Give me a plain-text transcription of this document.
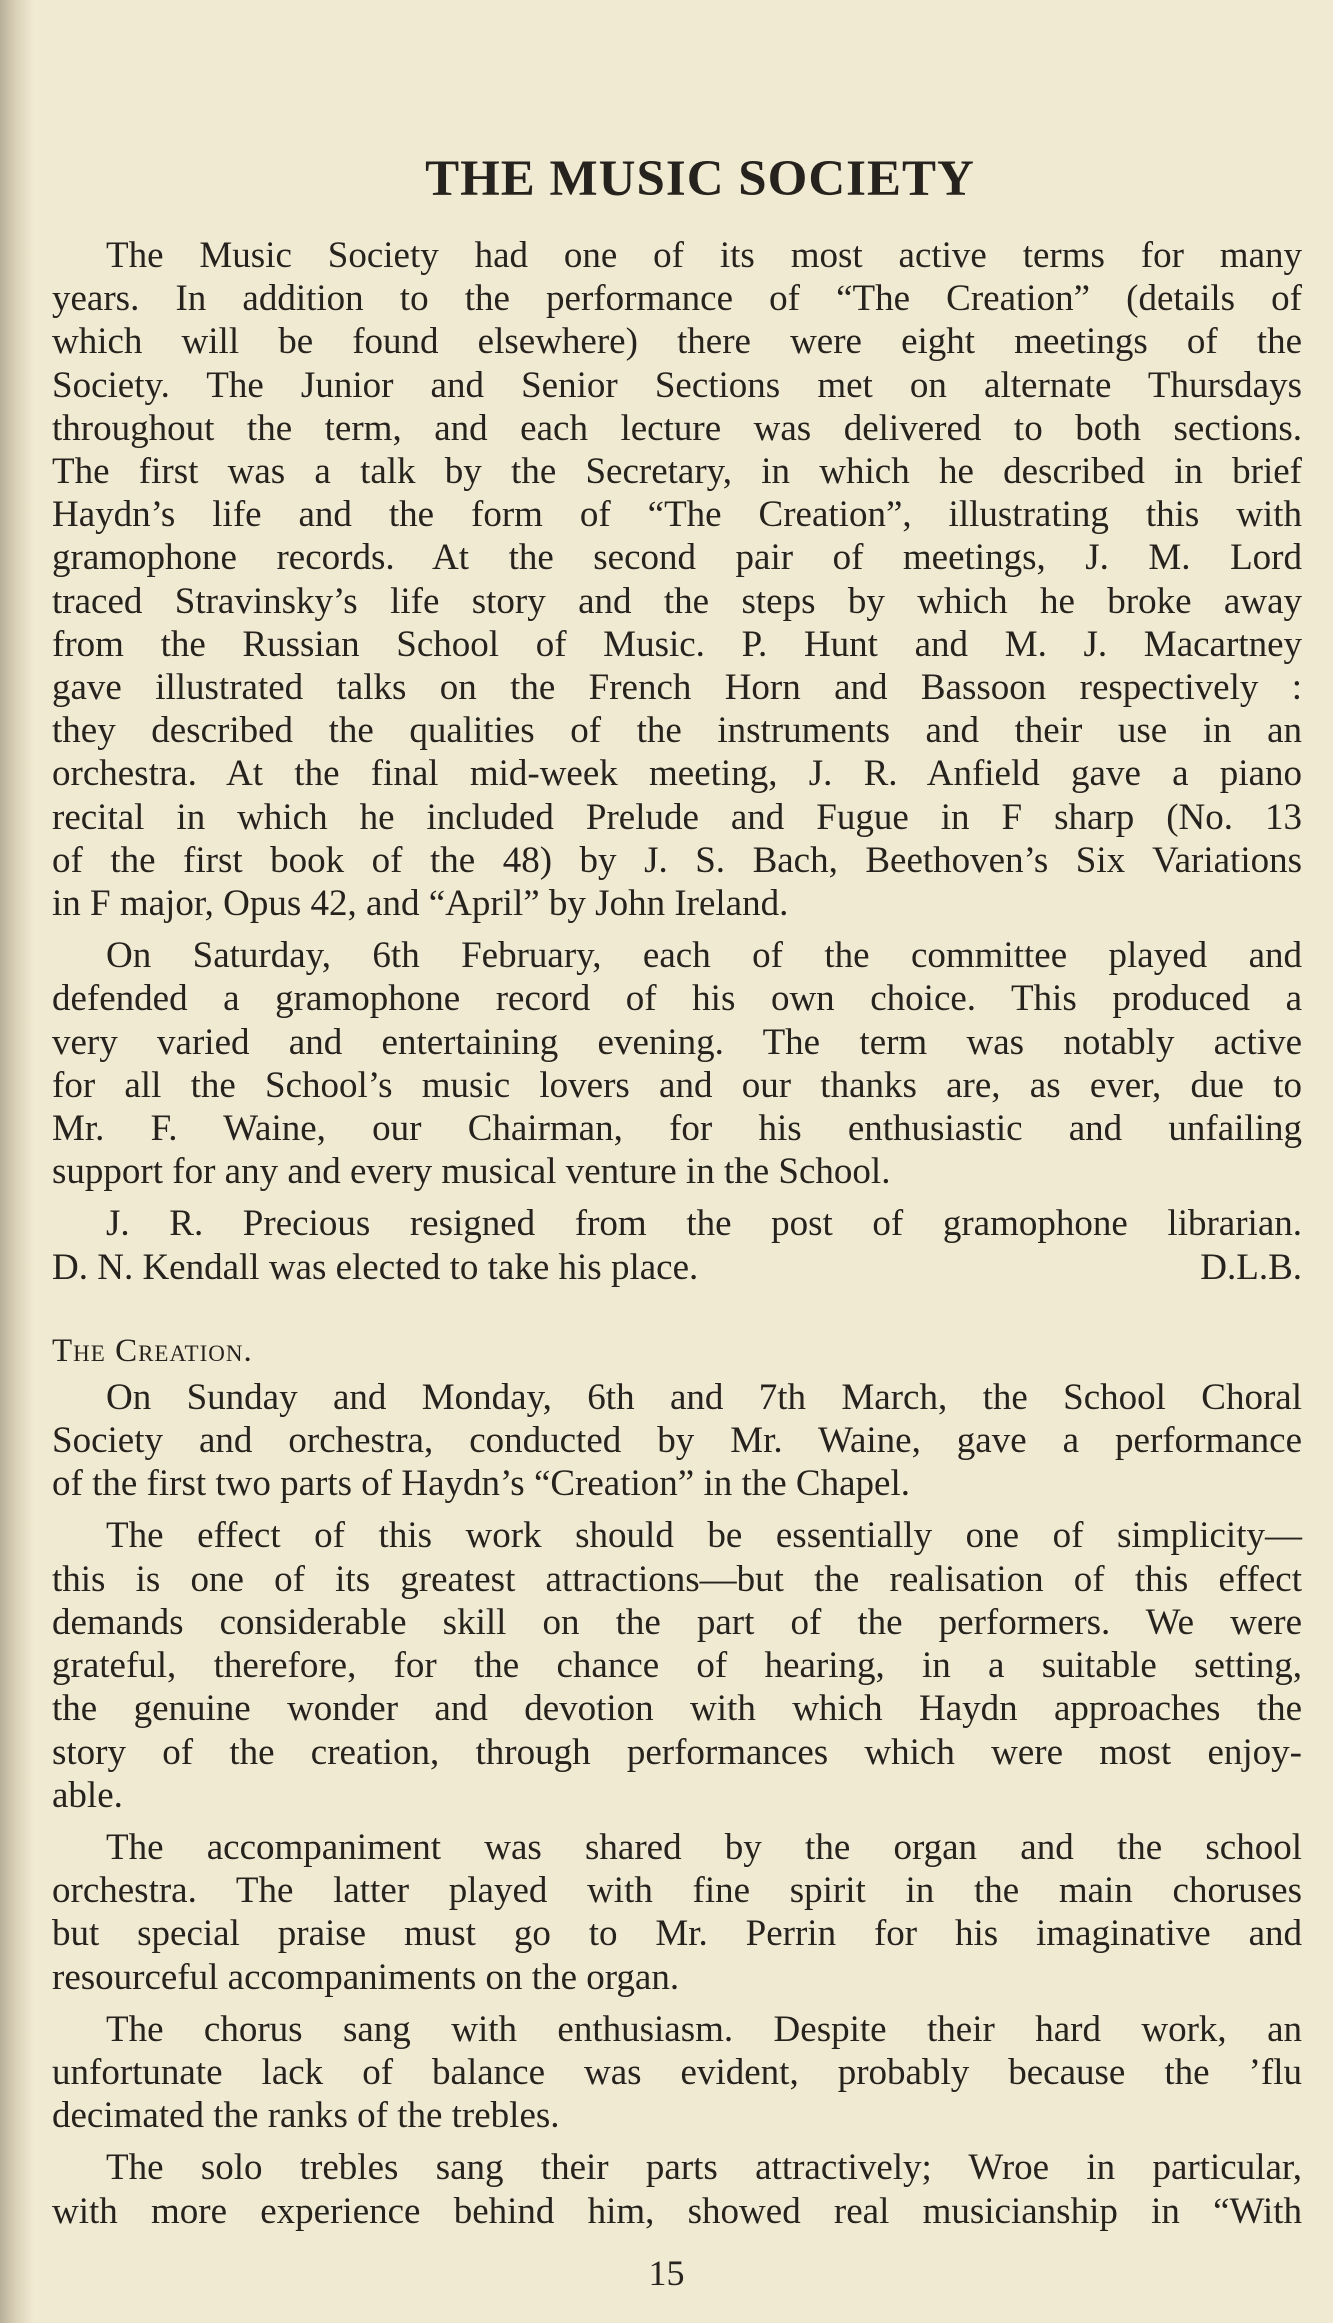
THE MUSIC SOCIETY
The Music Society had one of its most active terms for many
years. In addition to the performance of “The Creation” (details of
which will be found elsewhere) there were eight meetings of the
Society. The Junior and Senior Sections met on alternate Thursdays
throughout the term, and each lecture was delivered to both sections.
The first was a talk by the Secretary, in which he described in brief
Haydn’s life and the form of “The Creation”, illustrating this with
gramophone records. At the second pair of meetings, J. M. Lord
traced Stravinsky’s life story and the steps by which he broke away
from the Russian School of Music. P. Hunt and M. J. Macartney
gave illustrated talks on the French Horn and Bassoon respectively :
they described the qualities of the instruments and their use in an
orchestra. At the final mid-week meeting, J. R. Anfield gave a piano
recital in which he included Prelude and Fugue in F sharp (No. 13
of the first book of the 48) by J. S. Bach, Beethoven’s Six Variations
in F major, Opus 42, and “April” by John Ireland.
On Saturday, 6th February, each of the committee played and
defended a gramophone record of his own choice. This produced a
very varied and entertaining evening. The term was notably active
for all the School’s music lovers and our thanks are, as ever, due to
Mr. F. Waine, our Chairman, for his enthusiastic and unfailing
support for any and every musical venture in the School.
J. R. Precious resigned from the post of gramophone librarian.
D. N. Kendall was elected to take his place.	D.L.B.
The Creation.
On Sunday and Monday, 6th and 7th March, the School Choral
Society and orchestra, conducted by Mr. Waine, gave a performance
of the first two parts of Haydn’s “Creation” in the Chapel.
The effect of this work should be essentially one of simplicity—
this is one of its greatest attractions—but the realisation of this effect
demands considerable skill on the part of the performers. We were
grateful, therefore, for the chance of hearing, in a suitable setting,
the genuine wonder and devotion with which Haydn approaches the
story of the creation, through performances which were most enjoy-
able.
The accompaniment was shared by the organ and the school
orchestra. The latter played with fine spirit in the main choruses
but special praise must go to Mr. Perrin for his imaginative and
resourceful accompaniments on the organ.
The chorus sang with enthusiasm. Despite their hard work, an
unfortunate lack of balance was evident, probably because the ’flu
decimated the ranks of the trebles.
The solo trebles sang their parts attractively; Wroe in particular,
with more experience behind him, showed real musicianship in “With
15
